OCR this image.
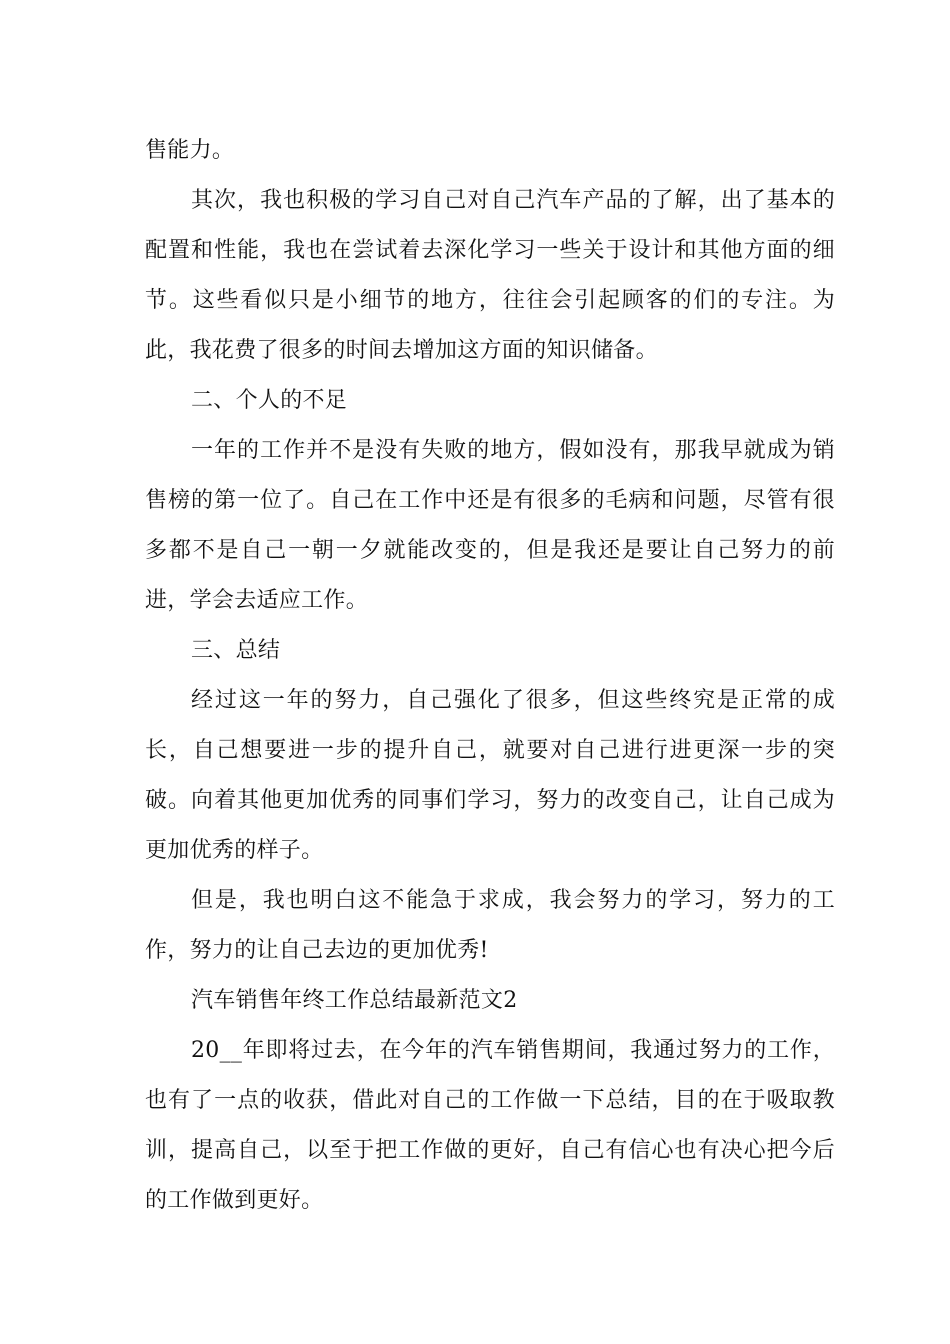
售能力。

其次，我也积极的学习自己对自己汽车产品的了解，出了基本的配置和性能，我也在尝试着去深化学习一些关于设计和其他方面的细节。这些看似只是小细节的地方，往往会引起顾客的们的专注。为此，我花费了很多的时间去增加这方面的知识储备。

二、个人的不足

一年的工作并不是没有失败的地方，假如没有，那我早就成为销售榜的第一位了。自己在工作中还是有很多的毛病和问题，尽管有很多都不是自己一朝一夕就能改变的，但是我还是要让自己努力的前进，学会去适应工作。

三、总结

经过这一年的努力，自己强化了很多，但这些终究是正常的成长，自己想要进一步的提升自己，就要对自己进行进更深一步的突破。向着其他更加优秀的同事们学习，努力的改变自己，让自己成为更加优秀的样子。

但是，我也明白这不能急于求成，我会努力的学习，努力的工作，努力的让自己去边的更加优秀!

汽车销售年终工作总结最新范文2

20__年即将过去，在今年的汽车销售期间，我通过努力的工作，也有了一点的收获，借此对自己的工作做一下总结，目的在于吸取教训，提高自己，以至于把工作做的更好，自己有信心也有决心把今后的工作做到更好。
